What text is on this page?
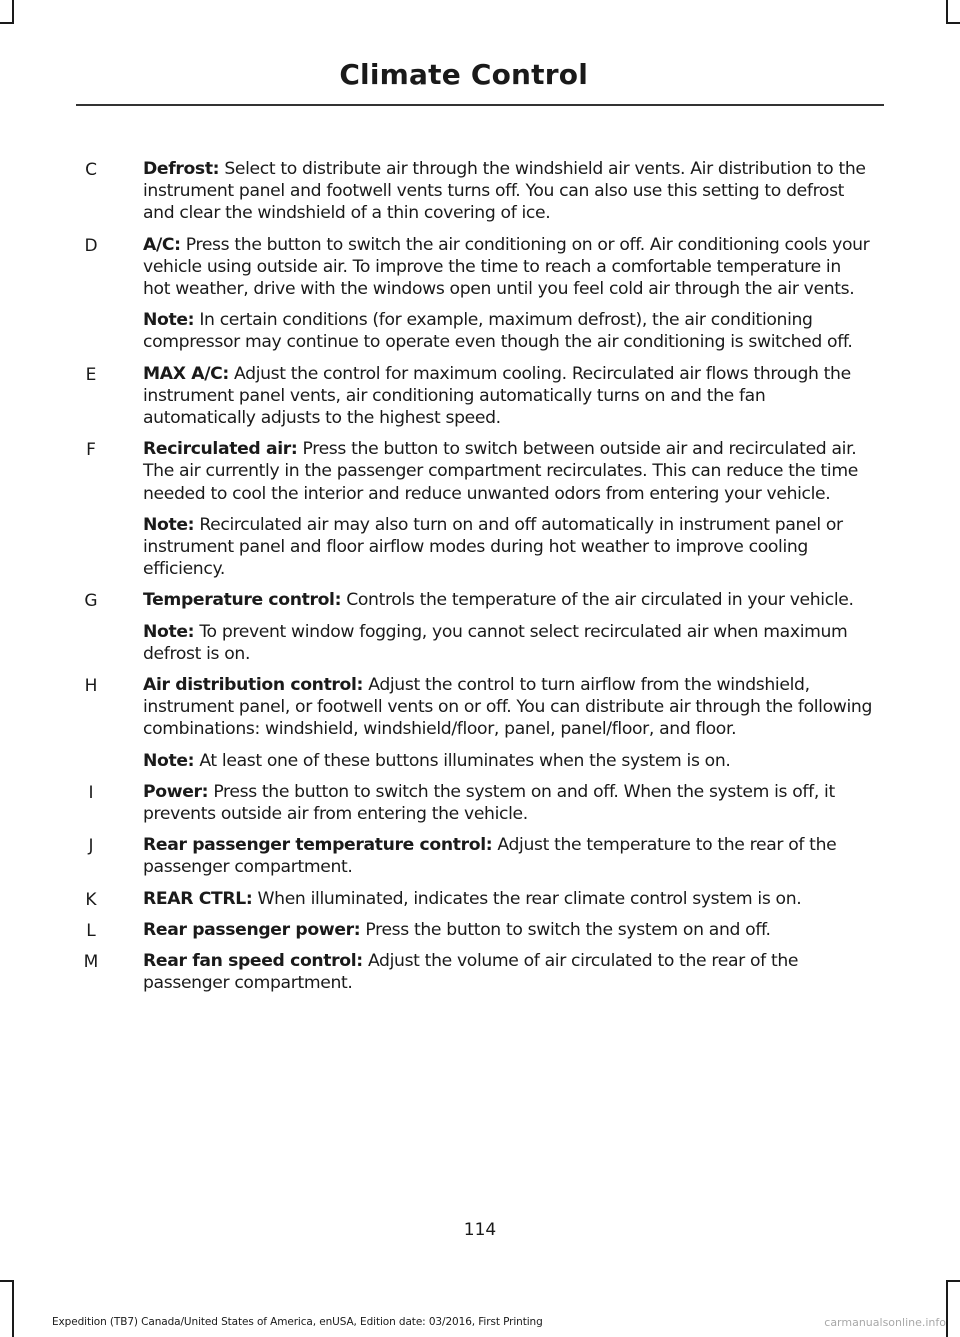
Climate Control
C	Defrost: Select to distribute air through the windshield air vents. Air distribution to the instrument panel and footwell vents turns off. You can also use this setting to defrost and clear the windshield of a thin covering of ice.
D	A/C: Press the button to switch the air conditioning on or off. Air conditioning cools your vehicle using outside air. To improve the time to reach a comfortable temperature in hot weather, drive with the windows open until you feel cold air through the air vents.
Note: In certain conditions (for example, maximum defrost), the air conditioning compressor may continue to operate even though the air conditioning is switched off.
E	MAX A/C: Adjust the control for maximum cooling. Recirculated air flows through the instrument panel vents, air conditioning automatically turns on and the fan automatically adjusts to the highest speed.
F	Recirculated air: Press the button to switch between outside air and recirculated air. The air currently in the passenger compartment recirculates. This can reduce the time needed to cool the interior and reduce unwanted odors from entering your vehicle.
Note: Recirculated air may also turn on and off automatically in instrument panel or instrument panel and floor airflow modes during hot weather to improve cooling efficiency.
G	Temperature control: Controls the temperature of the air circulated in your vehicle.
Note: To prevent window fogging, you cannot select recirculated air when maximum defrost is on.
H	Air distribution control: Adjust the control to turn airflow from the windshield, instrument panel, or footwell vents on or off. You can distribute air through the following combinations: windshield, windshield/floor, panel, panel/floor, and floor.
Note: At least one of these buttons illuminates when the system is on.
I	Power: Press the button to switch the system on and off. When the system is off, it prevents outside air from entering the vehicle.
J	Rear passenger temperature control: Adjust the temperature to the rear of the passenger compartment.
K	REAR CTRL: When illuminated, indicates the rear climate control system is on.
L	Rear passenger power: Press the button to switch the system on and off.
M	Rear fan speed control: Adjust the volume of air circulated to the rear of the passenger compartment.
114
Expedition (TB7) Canada/United States of America, enUSA, Edition date: 03/2016, First Printing	carmanualsonline.info
